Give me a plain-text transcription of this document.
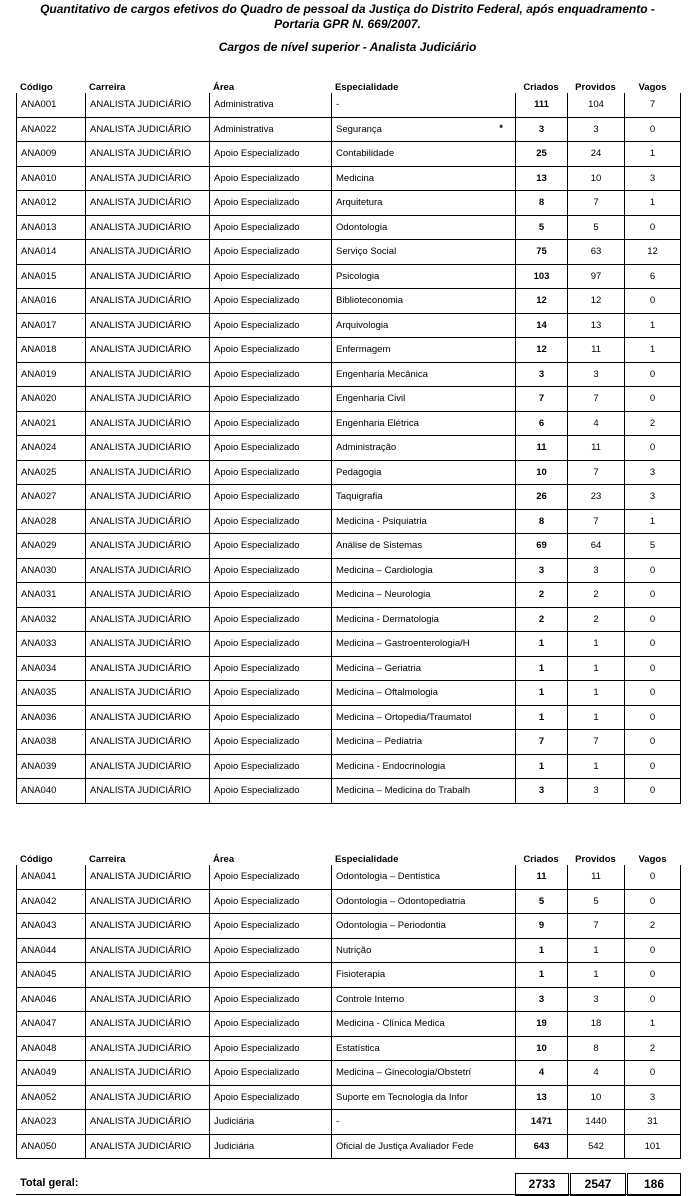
Quantitativo de cargos efetivos do Quadro de pessoal da Justiça do Distrito Federal, após enquadramento -
Portaria GPR N. 669/2007.
Cargos de nível superior - Analista Judiciário
Código	Carreira	Área	Especialidade	Criados	Providos	Vagos
ANA001	ANALISTA JUDICIÁRIO	Administrativa	-	111	104	7
ANA022	ANALISTA JUDICIÁRIO	Administrativa	Segurança *	3	3	0
ANA009	ANALISTA JUDICIÁRIO	Apoio Especializado	Contabilidade	25	24	1
ANA010	ANALISTA JUDICIÁRIO	Apoio Especializado	Medicina	13	10	3
ANA012	ANALISTA JUDICIÁRIO	Apoio Especializado	Arquitetura	8	7	1
ANA013	ANALISTA JUDICIÁRIO	Apoio Especializado	Odontologia	5	5	0
ANA014	ANALISTA JUDICIÁRIO	Apoio Especializado	Serviço Social	75	63	12
ANA015	ANALISTA JUDICIÁRIO	Apoio Especializado	Psicologia	103	97	6
ANA016	ANALISTA JUDICIÁRIO	Apoio Especializado	Biblioteconomia	12	12	0
ANA017	ANALISTA JUDICIÁRIO	Apoio Especializado	Arquivologia	14	13	1
ANA018	ANALISTA JUDICIÁRIO	Apoio Especializado	Enfermagem	12	11	1
ANA019	ANALISTA JUDICIÁRIO	Apoio Especializado	Engenharia Mecânica	3	3	0
ANA020	ANALISTA JUDICIÁRIO	Apoio Especializado	Engenharia Civil	7	7	0
ANA021	ANALISTA JUDICIÁRIO	Apoio Especializado	Engenharia Elétrica	6	4	2
ANA024	ANALISTA JUDICIÁRIO	Apoio Especializado	Administração	11	11	0
ANA025	ANALISTA JUDICIÁRIO	Apoio Especializado	Pedagogia	10	7	3
ANA027	ANALISTA JUDICIÁRIO	Apoio Especializado	Taquigrafia	26	23	3
ANA028	ANALISTA JUDICIÁRIO	Apoio Especializado	Medicina - Psiquiatria	8	7	1
ANA029	ANALISTA JUDICIÁRIO	Apoio Especializado	Análise de Sistemas	69	64	5
ANA030	ANALISTA JUDICIÁRIO	Apoio Especializado	Medicina – Cardiologia	3	3	0
ANA031	ANALISTA JUDICIÁRIO	Apoio Especializado	Medicina – Neurologia	2	2	0
ANA032	ANALISTA JUDICIÁRIO	Apoio Especializado	Medicina - Dermatologia	2	2	0
ANA033	ANALISTA JUDICIÁRIO	Apoio Especializado	Medicina – Gastroenterologia/H	1	1	0
ANA034	ANALISTA JUDICIÁRIO	Apoio Especializado	Medicina – Geriatria	1	1	0
ANA035	ANALISTA JUDICIÁRIO	Apoio Especializado	Medicina – Oftalmologia	1	1	0
ANA036	ANALISTA JUDICIÁRIO	Apoio Especializado	Medicina – Ortopedia/Traumatol	1	1	0
ANA038	ANALISTA JUDICIÁRIO	Apoio Especializado	Medicina – Pediatria	7	7	0
ANA039	ANALISTA JUDICIÁRIO	Apoio Especializado	Medicina - Endocrinologia	1	1	0
ANA040	ANALISTA JUDICIÁRIO	Apoio Especializado	Medicina – Medicina do Trabalh	3	3	0
Código	Carreira	Área	Especialidade	Criados	Providos	Vagos
ANA041	ANALISTA JUDICIÁRIO	Apoio Especializado	Odontologia – Dentística	11	11	0
ANA042	ANALISTA JUDICIÁRIO	Apoio Especializado	Odontologia – Odontopediatria	5	5	0
ANA043	ANALISTA JUDICIÁRIO	Apoio Especializado	Odontologia – Periodontia	9	7	2
ANA044	ANALISTA JUDICIÁRIO	Apoio Especializado	Nutrição	1	1	0
ANA045	ANALISTA JUDICIÁRIO	Apoio Especializado	Fisioterapia	1	1	0
ANA046	ANALISTA JUDICIÁRIO	Apoio Especializado	Controle Interno	3	3	0
ANA047	ANALISTA JUDICIÁRIO	Apoio Especializado	Medicina - Clínica Medica	19	18	1
ANA048	ANALISTA JUDICIÁRIO	Apoio Especializado	Estatística	10	8	2
ANA049	ANALISTA JUDICIÁRIO	Apoio Especializado	Medicina – Ginecologia/Obstetrí	4	4	0
ANA052	ANALISTA JUDICIÁRIO	Apoio Especializado	Suporte em Tecnologia da Infor	13	10	3
ANA023	ANALISTA JUDICIÁRIO	Judiciária	-	1471	1440	31
ANA050	ANALISTA JUDICIÁRIO	Judiciária	Oficial de Justiça Avaliador Fede	643	542	101
Total geral:	2733	2547	186
